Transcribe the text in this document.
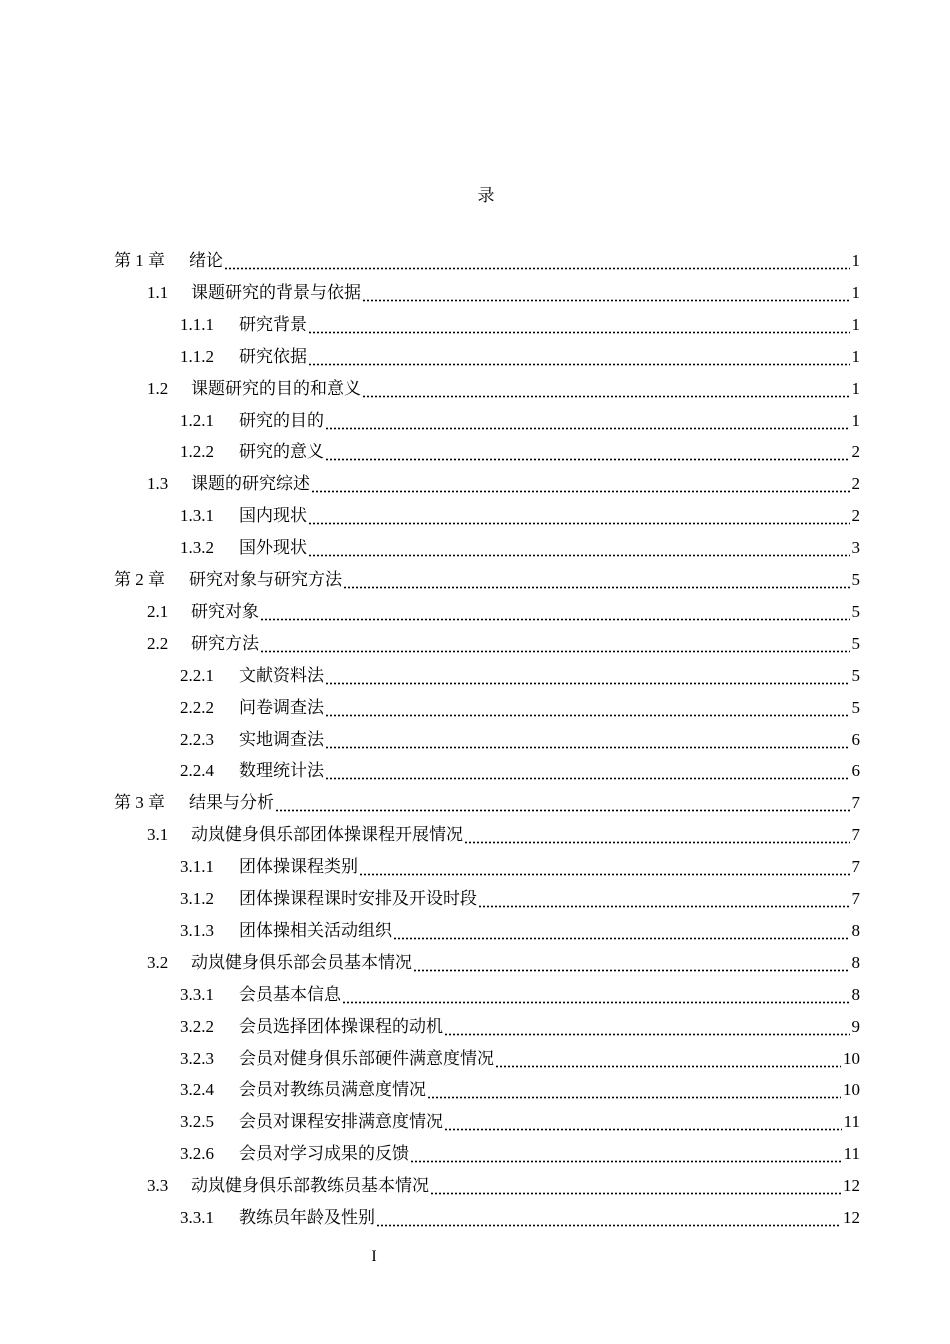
录
第 1 章	绪论	1
1.1	课题研究的背景与依据	1
1.1.1	研究背景	1
1.1.2	研究依据	1
1.2	课题研究的目的和意义	1
1.2.1	研究的目的	1
1.2.2	研究的意义	2
1.3	课题的研究综述	2
1.3.1	国内现状	2
1.3.2	国外现状	3
第 2 章	研究对象与研究方法	5
2.1	研究对象	5
2.2	研究方法	5
2.2.1	文献资料法	5
2.2.2	问卷调查法	5
2.2.3	实地调查法	6
2.2.4	数理统计法	6
第 3 章	结果与分析	7
3.1	动岚健身俱乐部团体操课程开展情况	7
3.1.1	团体操课程类别	7
3.1.2	团体操课程课时安排及开设时段	7
3.1.3	团体操相关活动组织	8
3.2	动岚健身俱乐部会员基本情况	8
3.3.1	会员基本信息	8
3.2.2	会员选择团体操课程的动机	9
3.2.3	会员对健身俱乐部硬件满意度情况	10
3.2.4	会员对教练员满意度情况	10
3.2.5	会员对课程安排满意度情况	11
3.2.6	会员对学习成果的反馈	11
3.3	动岚健身俱乐部教练员基本情况	12
3.3.1	教练员年龄及性别	12
I
